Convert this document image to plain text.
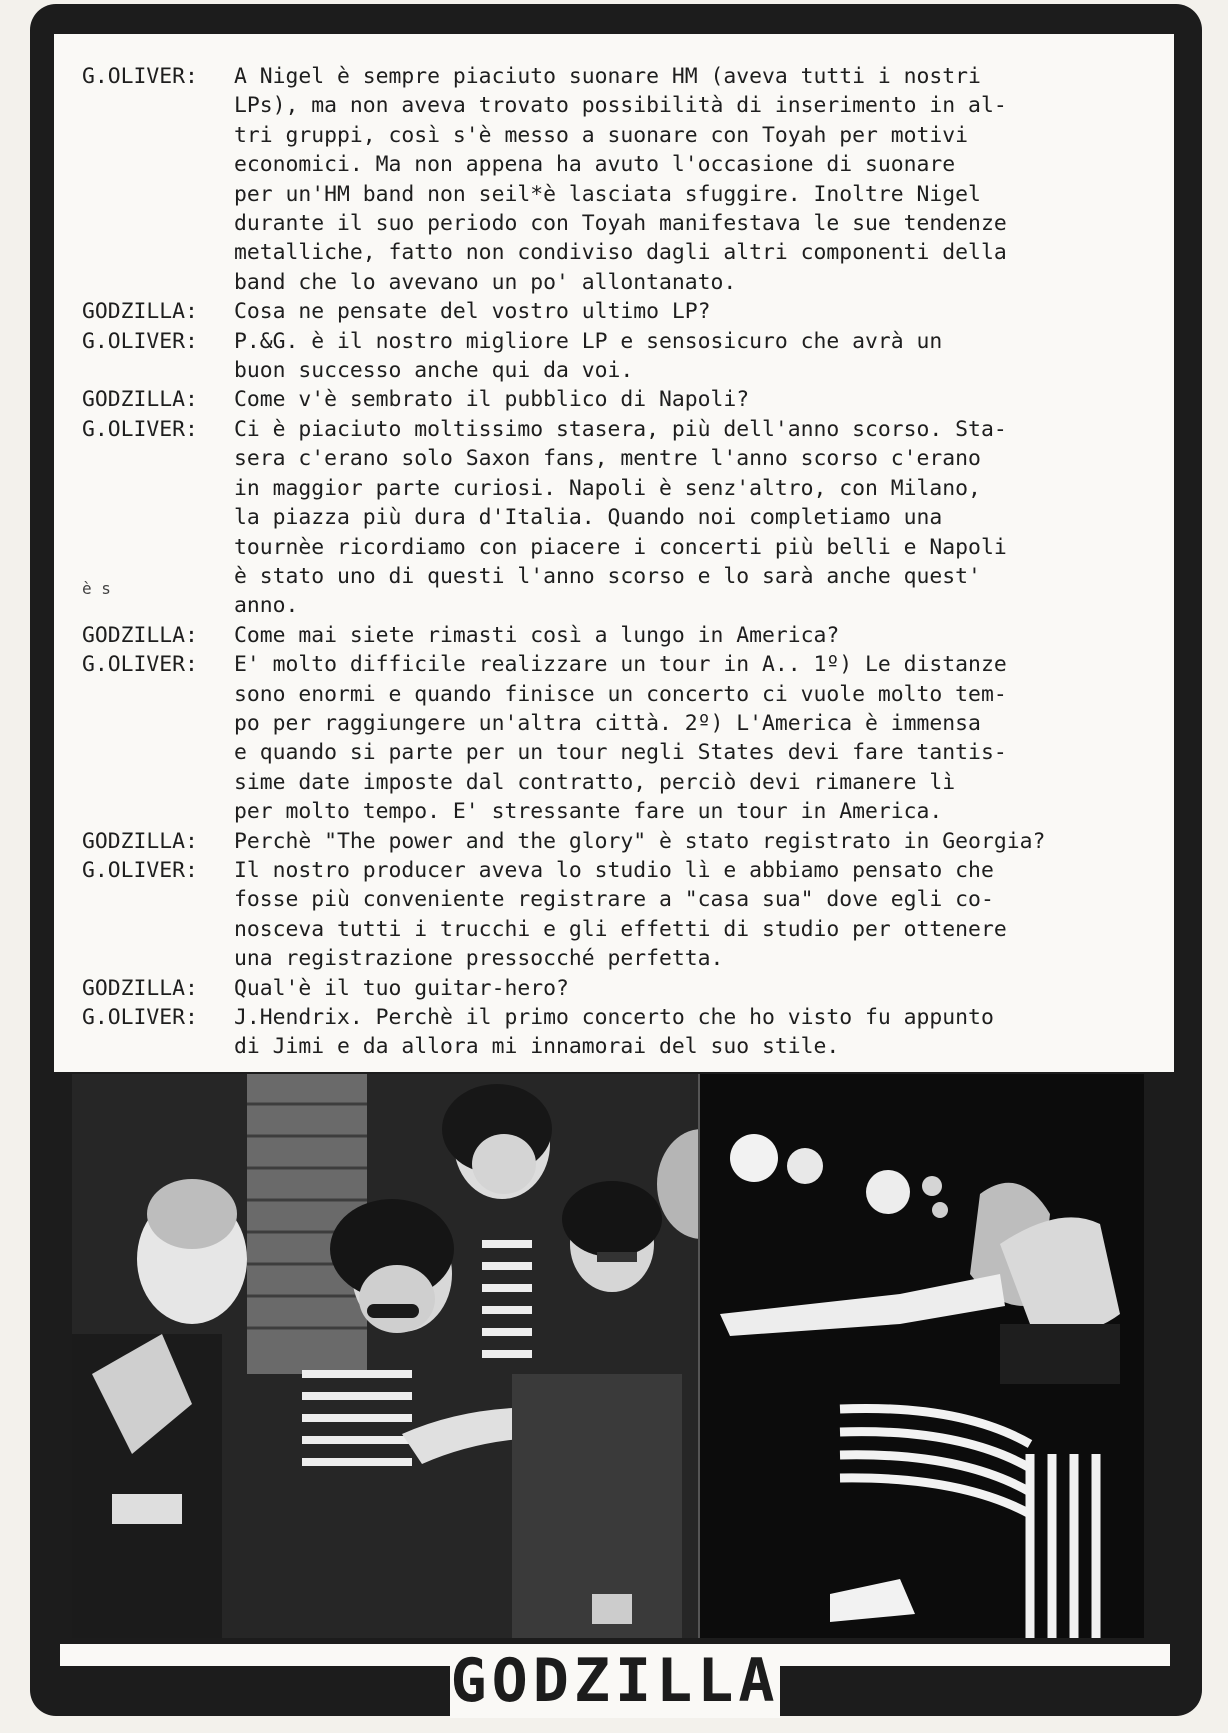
G.OLIVER:	A Nigel è sempre piaciuto suonare HM (aveva tutti i nostri
LPs), ma non aveva trovato possibilità di inserimento in al-
tri gruppi, così s'è messo a suonare con Toyah per motivi
economici. Ma non appena ha avuto l'occasione di suonare
per un'HM band non seil*è lasciata sfuggire. Inoltre Nigel
durante il suo periodo con Toyah manifestava le sue tendenze
metalliche, fatto non condiviso dagli altri componenti della
band che lo avevano un po' allontanato.
GODZILLA:	Cosa ne pensate del vostro ultimo LP?
G.OLIVER:	P.&G. è il nostro migliore LP e sensosicuro che avrà un
buon successo anche qui da voi.
GODZILLA:	Come v'è sembrato il pubblico di Napoli?
G.OLIVER:	Ci è piaciuto moltissimo stasera, più dell'anno scorso. Sta-
sera c'erano solo Saxon fans, mentre l'anno scorso c'erano
in maggior parte curiosi. Napoli è senz'altro, con Milano,
la piazza più dura d'Italia. Quando noi completiamo una
tournèe ricordiamo con piacere i concerti più belli e Napoli
è stato uno di questi l'anno scorso e lo sarà anche quest'
anno.
GODZILLA:	Come mai siete rimasti così a lungo in America?
G.OLIVER:	E' molto difficile realizzare un tour in A.. 1º) Le distanze
sono enormi e quando finisce un concerto ci vuole molto tem-
po per raggiungere un'altra città. 2º) L'America è immensa
e quando si parte per un tour negli States devi fare tantis-
sime date imposte dal contratto, perciò devi rimanere lì
per molto tempo. E' stressante fare un tour in America.
GODZILLA:	Perchè "The power and the glory" è stato registrato in Georgia?
G.OLIVER:	Il nostro producer aveva lo studio lì e abbiamo pensato che
fosse più conveniente registrare a "casa sua" dove egli co-
nosceva tutti i trucchi e gli effetti di studio per ottenere
una registrazione pressocché perfetta.
GODZILLA:	Qual'è il tuo guitar-hero?
G.OLIVER:	J.Hendrix. Perchè il primo concerto che ho visto fu appunto
di Jimi e da allora mi innamorai del suo stile.
è s
GODZILLA
